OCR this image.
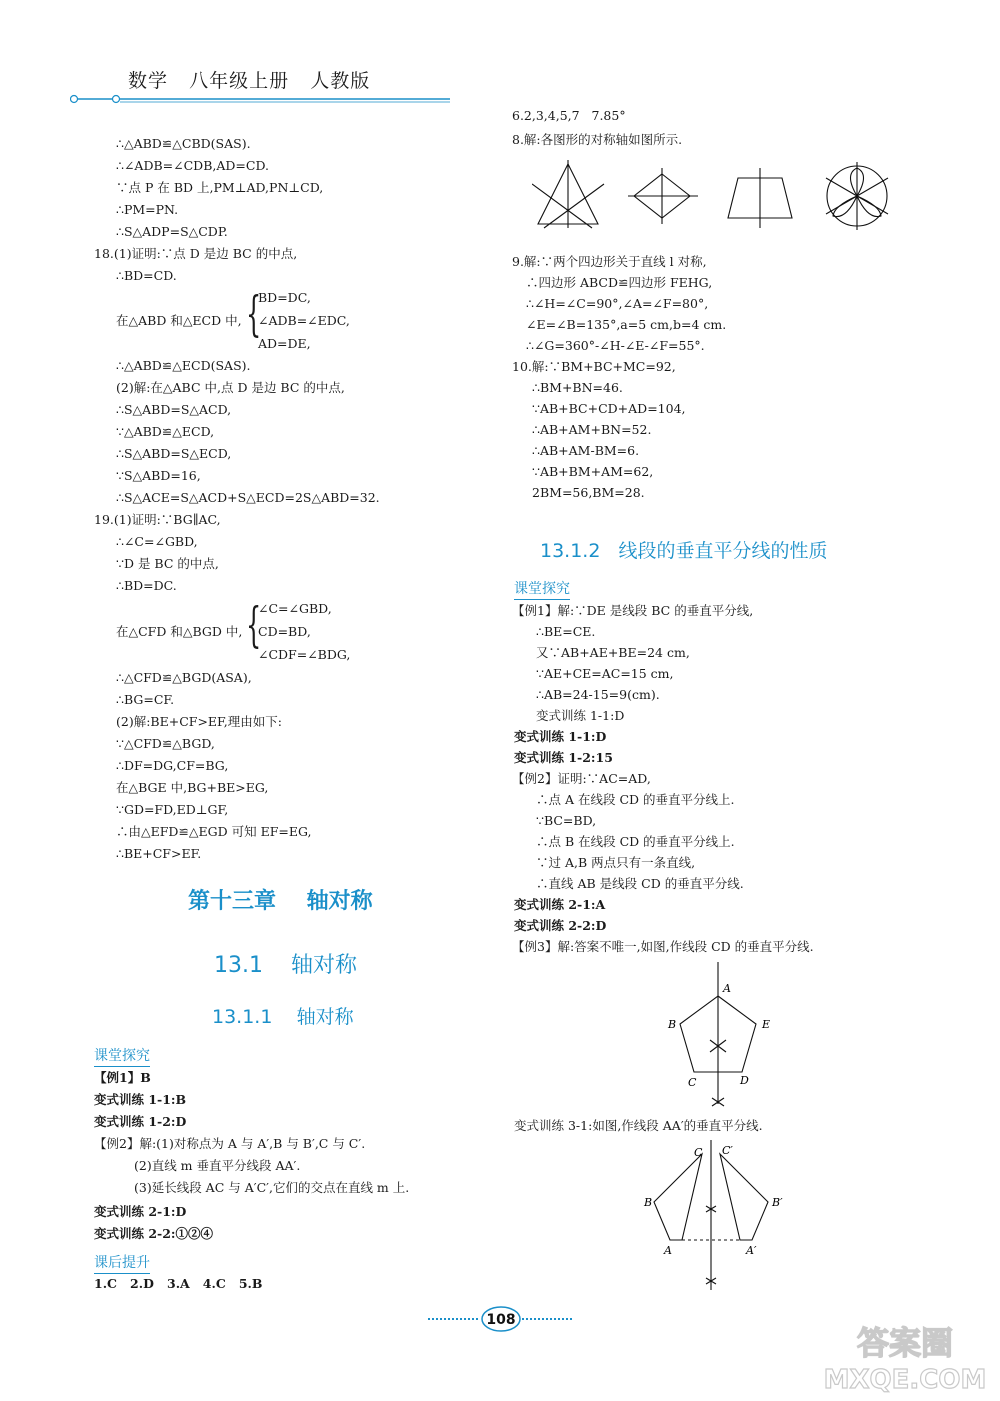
数学   八年级上册   人教版
∴△ABD≌△CBD(SAS).
∴∠ADB=∠CDB,AD=CD.
∵点 P 在 BD 上,PM⊥AD,PN⊥CD,
∴PM=PN.
∴S△ADP=S△CDP.
18.(1)证明:∵点 D 是边 BC 的中点,
∴BD=CD.
BD=DC,
在△ABD 和△ECD 中, {
∠ADB=∠EDC,
AD=DE,
∴△ABD≌△ECD(SAS).
(2)解:在△ABC 中,点 D 是边 BC 的中点,
∴S△ABD=S△ACD,
∵△ABD≌△ECD,
∴S△ABD=S△ECD,
∵S△ABD=16,
∴S△ACE=S△ACD+S△ECD=2S△ABD=32.
19.(1)证明:∵BG∥AC,
∴∠C=∠GBD,
∵D 是 BC 的中点,
∴BD=DC.
∠C=∠GBD,
在△CFD 和△BGD 中, {
CD=BD,
∠CDF=∠BDG,
∴△CFD≌△BGD(ASA),
∴BG=CF.
(2)解:BE+CF>EF,理由如下:
∵△CFD≌△BGD,
∴DF=DG,CF=BG,
在△BGE 中,BG+BE>EG,
∵GD=FD,ED⊥GF,
∴由△EFD≌△EGD 可知 EF=EG,
∴BE+CF>EF.
第十三章    轴对称
13.1    轴对称
13.1.1    轴对称
课堂探究
【例1】B
变式训练 1-1:B
变式训练 1-2:D
【例2】解:(1)对称点为 A 与 A′,B 与 B′,C 与 C′.
(2)直线 m 垂直平分线段 AA′.
(3)延长线段 AC 与 A′C′,它们的交点在直线 m 上.
变式训练 2-1:D
变式训练 2-2:①②④
课后提升
1.C   2.D   3.A   4.C   5.B
6.2,3,4,5,7   7.85°
8.解:各图形的对称轴如图所示.
9.解:∵两个四边形关于直线 l 对称,
∴四边形 ABCD≌四边形 FEHG,
∴∠H=∠C=90°,∠A=∠F=80°,
∠E=∠B=135°,a=5 cm,b=4 cm.
∴∠G=360°-∠H-∠E-∠F=55°.
10.解:∵BM+BC+MC=92,
∴BM+BN=46.
∵AB+BC+CD+AD=104,
∴AB+AM+BN=52.
∴AB+AM-BM=6.
∵AB+BM+AM=62,
2BM=56,BM=28.
13.1.2   线段的垂直平分线的性质
课堂探究
【例1】解:∵DE 是线段 BC 的垂直平分线,
∴BE=CE.
又∵AB+AE+BE=24 cm,
∵AE+CE=AC=15 cm,
∴AB=24-15=9(cm).
变式训练 1-1:D
变式训练 1-1:D
变式训练 1-2:15
【例2】证明:∵AC=AD,
∴点 A 在线段 CD 的垂直平分线上.
∵BC=BD,
∴点 B 在线段 CD 的垂直平分线上.
∵过 A,B 两点只有一条直线,
∴直线 AB 是线段 CD 的垂直平分线.
变式训练 2-1:A
变式训练 2-2:D
【例3】解:答案不唯一,如图,作线段 CD 的垂直平分线.
A
B	E
C	D
变式训练 3-1:如图,作线段 AA′的垂直平分线.
C C′
B	B′
A	A′
108
答案圈
MXQE.COM
